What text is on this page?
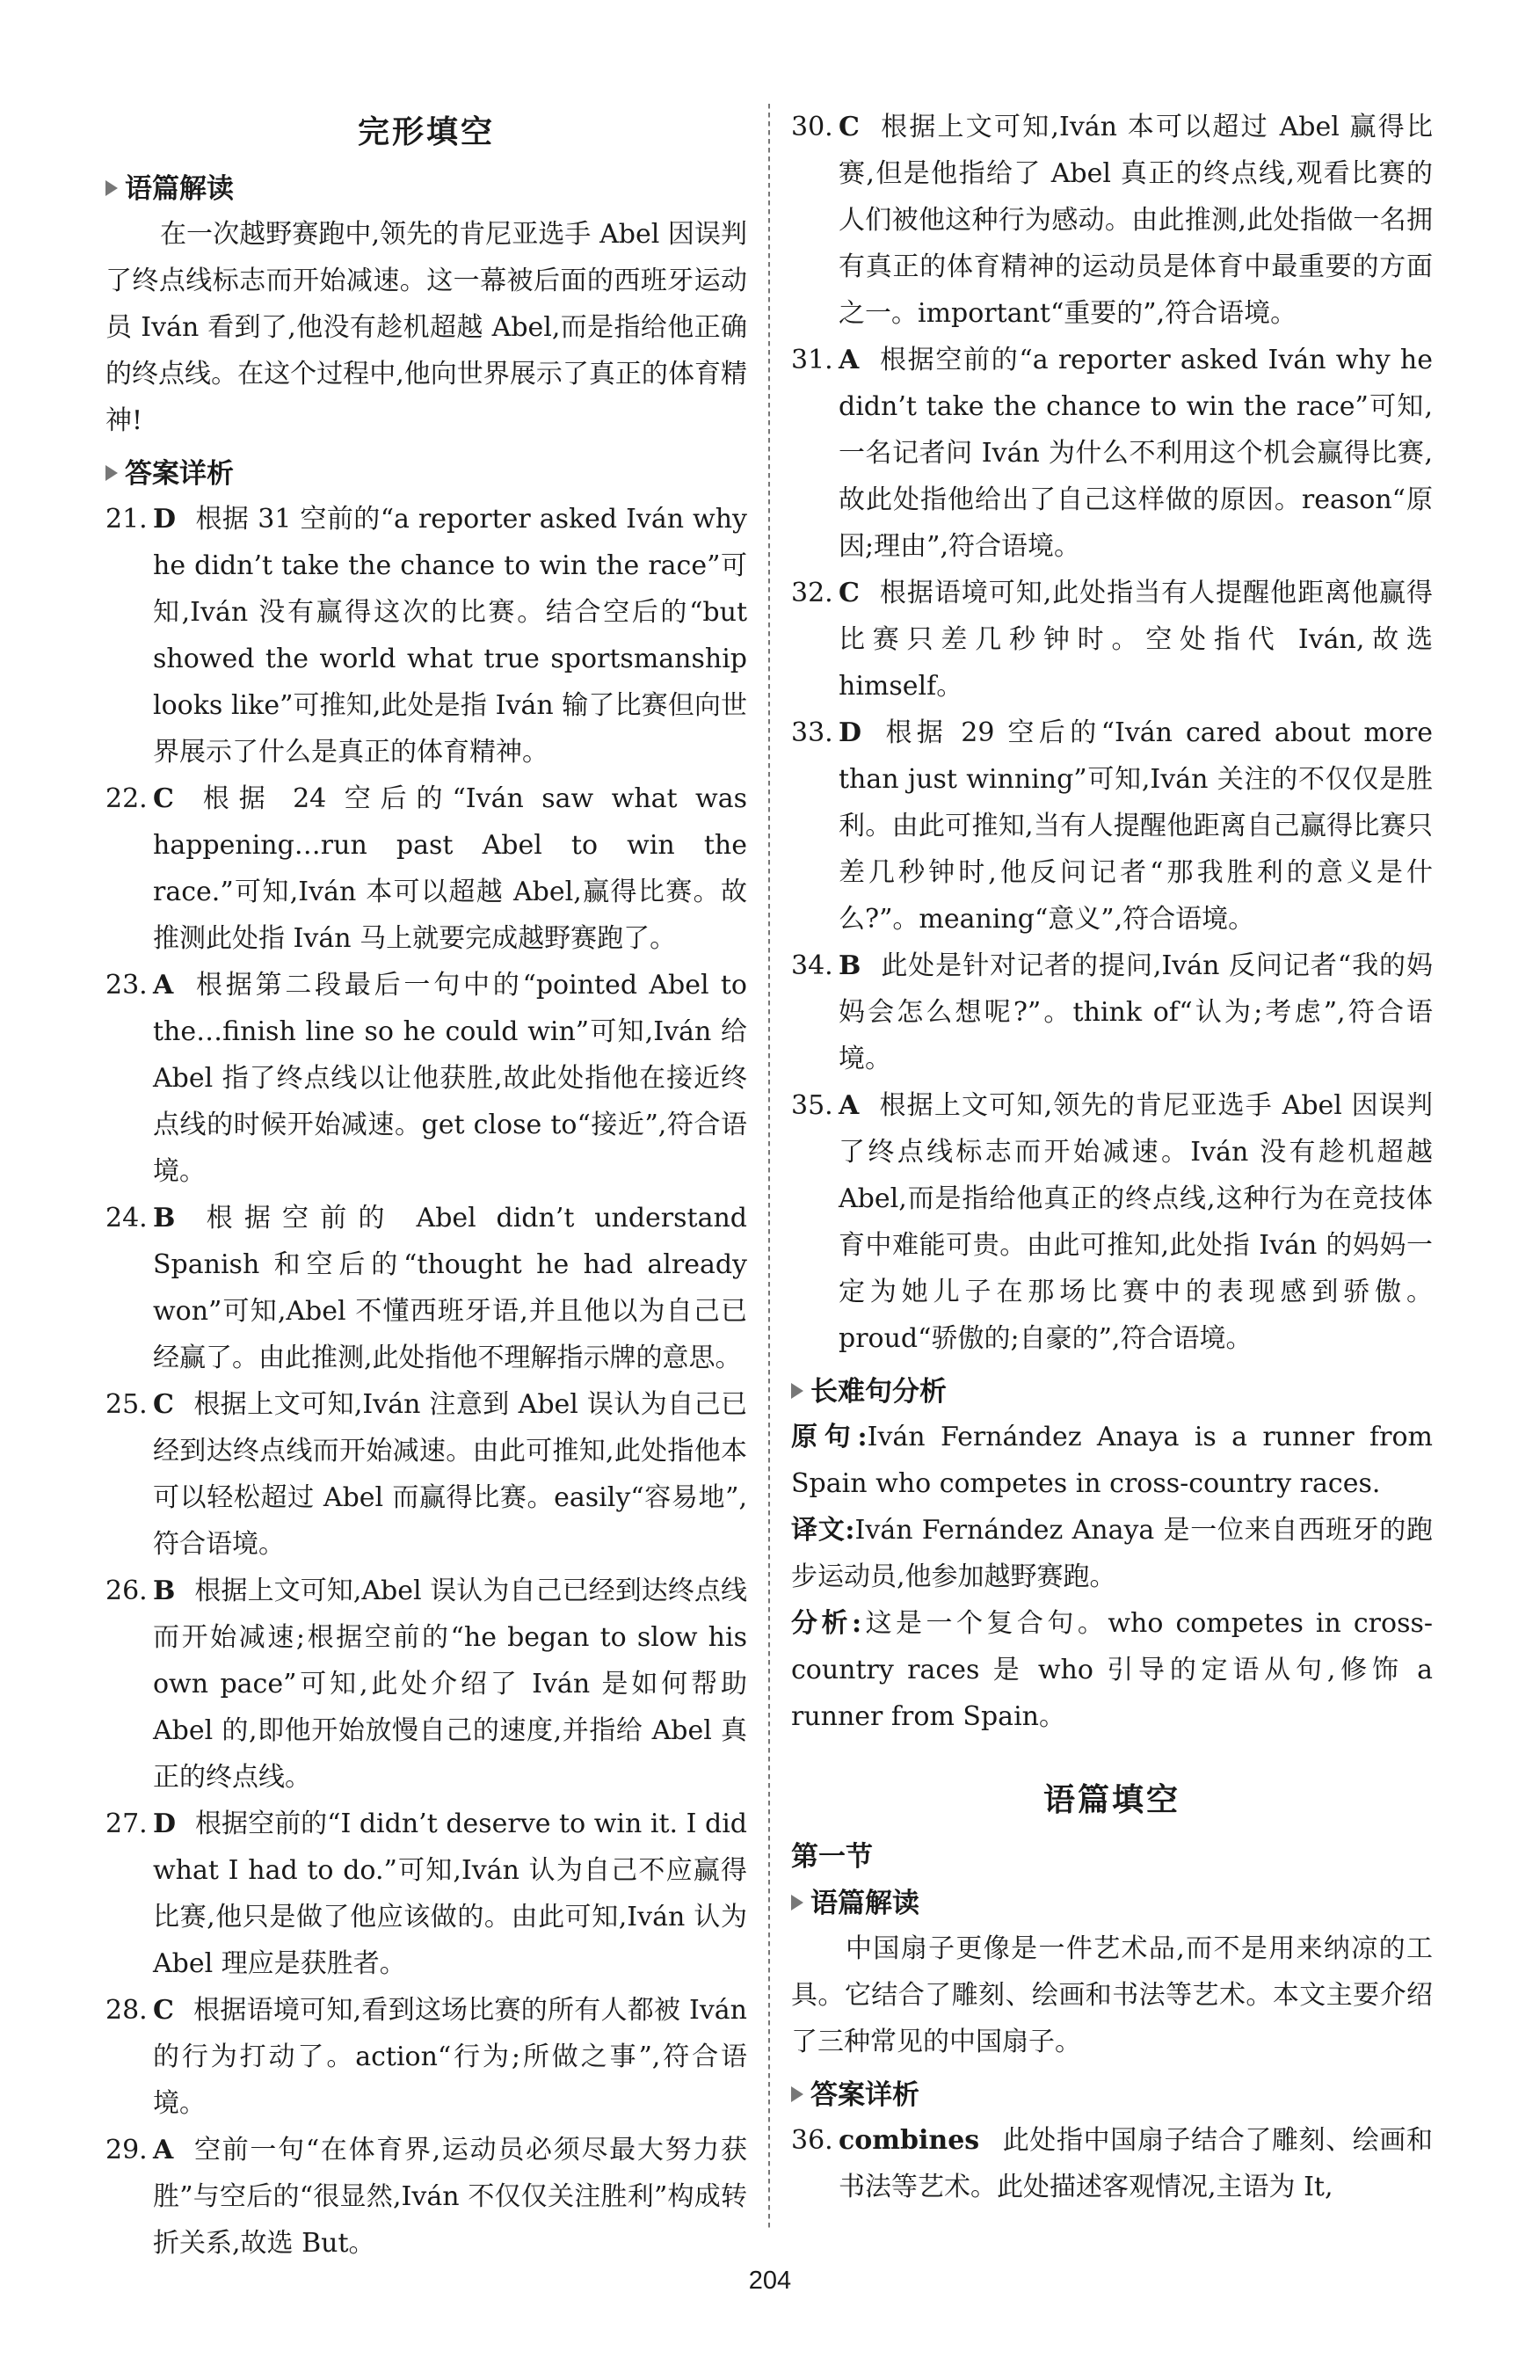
完形填空
语篇解读
在一次越野赛跑中,领先的肯尼亚选手 Abel 因误判了终点线标志而开始减速。这一幕被后面的西班牙运动员 Iván 看到了,他没有趁机超越 Abel,而是指给他正确的终点线。在这个过程中,他向世界展示了真正的体育精神!
答案详析
21. D 根据 31 空前的“a reporter asked Iván why he didn’t take the chance to win the race”可知,Iván 没有赢得这次的比赛。结合空后的“but showed the world what true sportsmanship looks like”可推知,此处是指 Iván 输了比赛但向世界展示了什么是真正的体育精神。
22. C 根据 24 空后的“Iván saw what was happening…run past Abel to win the race.”可知,Iván 本可以超越 Abel,赢得比赛。故推测此处指 Iván 马上就要完成越野赛跑了。
23. A 根据第二段最后一句中的“pointed Abel to the…finish line so he could win”可知,Iván 给 Abel 指了终点线以让他获胜,故此处指他在接近终点线的时候开始减速。get close to“接近”,符合语境。
24. B 根据空前的 Abel didn’t understand Spanish 和空后的“thought he had already won”可知,Abel 不懂西班牙语,并且他以为自己已经赢了。由此推测,此处指他不理解指示牌的意思。
25. C 根据上文可知,Iván 注意到 Abel 误认为自己已经到达终点线而开始减速。由此可推知,此处指他本可以轻松超过 Abel 而赢得比赛。easily“容易地”,符合语境。
26. B 根据上文可知,Abel 误认为自己已经到达终点线而开始减速;根据空前的“he began to slow his own pace”可知,此处介绍了 Iván 是如何帮助 Abel 的,即他开始放慢自己的速度,并指给 Abel 真正的终点线。
27. D 根据空前的“I didn’t deserve to win it. I did what I had to do.”可知,Iván 认为自己不应赢得比赛,他只是做了他应该做的。由此可知,Iván 认为 Abel 理应是获胜者。
28. C 根据语境可知,看到这场比赛的所有人都被 Iván 的行为打动了。action“行为;所做之事”,符合语境。
29. A 空前一句“在体育界,运动员必须尽最大努力获胜”与空后的“很显然,Iván 不仅仅关注胜利”构成转折关系,故选 But。
30. C 根据上文可知,Iván 本可以超过 Abel 赢得比赛,但是他指给了 Abel 真正的终点线,观看比赛的人们被他这种行为感动。由此推测,此处指做一名拥有真正的体育精神的运动员是体育中最重要的方面之一。important“重要的”,符合语境。
31. A 根据空前的“a reporter asked Iván why he didn’t take the chance to win the race”可知,一名记者问 Iván 为什么不利用这个机会赢得比赛,故此处指他给出了自己这样做的原因。reason“原因;理由”,符合语境。
32. C 根据语境可知,此处指当有人提醒他距离他赢得比赛只差几秒钟时。空处指代 Iván,故选 himself。
33. D 根据 29 空后的“Iván cared about more than just winning”可知,Iván 关注的不仅仅是胜利。由此可推知,当有人提醒他距离自己赢得比赛只差几秒钟时,他反问记者“那我胜利的意义是什么?”。meaning“意义”,符合语境。
34. B 此处是针对记者的提问,Iván 反问记者“我的妈妈会怎么想呢?”。think of“认为;考虑”,符合语境。
35. A 根据上文可知,领先的肯尼亚选手 Abel 因误判了终点线标志而开始减速。Iván 没有趁机超越 Abel,而是指给他真正的终点线,这种行为在竞技体育中难能可贵。由此可推知,此处指 Iván 的妈妈一定为她儿子在那场比赛中的表现感到骄傲。proud“骄傲的;自豪的”,符合语境。
长难句分析
原句:Iván Fernández Anaya is a runner from Spain who competes in cross-country races.
译文:Iván Fernández Anaya 是一位来自西班牙的跑步运动员,他参加越野赛跑。
分析:这是一个复合句。who competes in cross-country races 是 who 引导的定语从句,修饰 a runner from Spain。
语篇填空
第一节
语篇解读
中国扇子更像是一件艺术品,而不是用来纳凉的工具。它结合了雕刻、绘画和书法等艺术。本文主要介绍了三种常见的中国扇子。
答案详析
36. combines 此处指中国扇子结合了雕刻、绘画和书法等艺术。此处描述客观情况,主语为 It,
204
